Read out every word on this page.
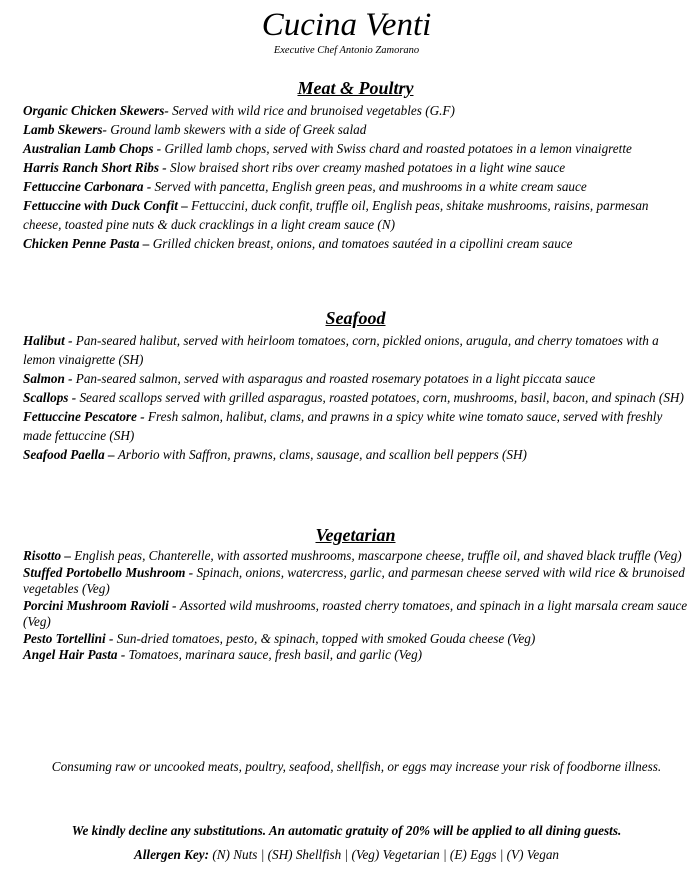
Cucina Venti
Executive Chef Antonio Zamorano
Meat & Poultry

Organic Chicken Skewers- Served with wild rice and brunoised vegetables (G.F)

Lamb Skewers- Ground lamb skewers with a side of Greek salad

Australian Lamb Chops - Grilled lamb chops, served with Swiss chard and roasted potatoes in a lemon vinaigrette

Harris Ranch Short Ribs - Slow braised short ribs over creamy mashed potatoes in a light wine sauce

Fettuccine Carbonara - Served with pancetta, English green peas, and mushrooms in a white cream sauce

Fettuccine with Duck Confit – Fettuccini, duck confit, truffle oil, English peas, shitake mushrooms, raisins, parmesan cheese, toasted pine nuts & duck cracklings in a light cream sauce (N)

Chicken Penne Pasta – Grilled chicken breast, onions, and tomatoes sautéed in a cipollini cream sauce

Seafood

Halibut - Pan-seared halibut, served with heirloom tomatoes, corn, pickled onions, arugula, and cherry tomatoes with a lemon vinaigrette (SH)

Salmon - Pan-seared salmon, served with asparagus and roasted rosemary potatoes in a light piccata sauce

Scallops - Seared scallops served with grilled asparagus, roasted potatoes, corn, mushrooms, basil, bacon, and spinach (SH)

Fettuccine Pescatore - Fresh salmon, halibut, clams, and prawns in a spicy white wine tomato sauce, served with freshly made fettuccine (SH)

Seafood Paella – Arborio with Saffron, prawns, clams, sausage, and scallion bell peppers (SH)

Vegetarian

Risotto – English peas, Chanterelle, with assorted mushrooms, mascarpone cheese, truffle oil, and shaved black truffle (Veg)

Stuffed Portobello Mushroom - Spinach, onions, watercress, garlic, and parmesan cheese served with wild rice & brunoised vegetables (Veg)

Porcini Mushroom Ravioli - Assorted wild mushrooms, roasted cherry tomatoes, and spinach in a light marsala cream sauce (Veg)

Pesto Tortellini - Sun-dried tomatoes, pesto, & spinach, topped with smoked Gouda cheese (Veg)

Angel Hair Pasta - Tomatoes, marinara sauce, fresh basil, and garlic (Veg)

Consuming raw or uncooked meats, poultry, seafood, shellfish, or eggs may increase your risk of foodborne illness.
We kindly decline any substitutions. An automatic gratuity of 20% will be applied to all dining guests.
Allergen Key: (N) Nuts | (SH) Shellfish | (Veg) Vegetarian | (E) Eggs | (V) Vegan
